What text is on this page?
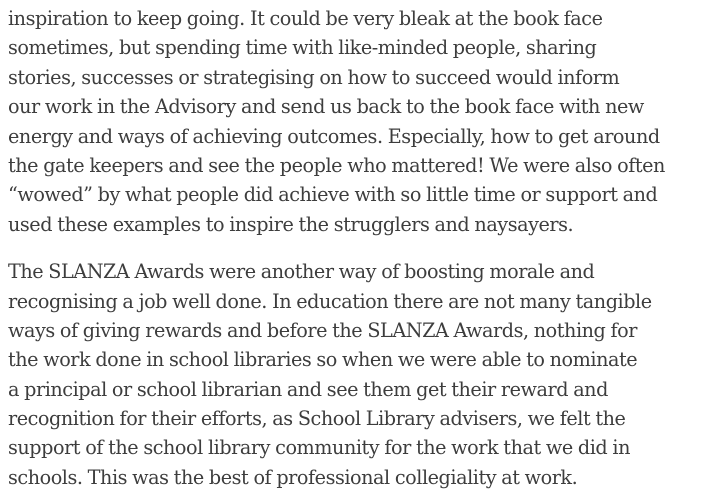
inspiration to keep going. It could be very bleak at the book face
sometimes, but spending time with like-minded people, sharing
stories, successes or strategising on how to succeed would inform
our work in the Advisory and send us back to the book face with new
energy and ways of achieving outcomes. Especially, how to get around
the gate keepers and see the people who mattered! We were also often
“wowed” by what people did achieve with so little time or support and
used these examples to inspire the strugglers and naysayers.

The SLANZA Awards were another way of boosting morale and
recognising a job well done. In education there are not many tangible
ways of giving rewards and before the SLANZA Awards, nothing for
the work done in school libraries so when we were able to nominate
a principal or school librarian and see them get their reward and
recognition for their efforts, as School Library advisers, we felt the
support of the school library community for the work that we did in
schools. This was the best of professional collegiality at work.
